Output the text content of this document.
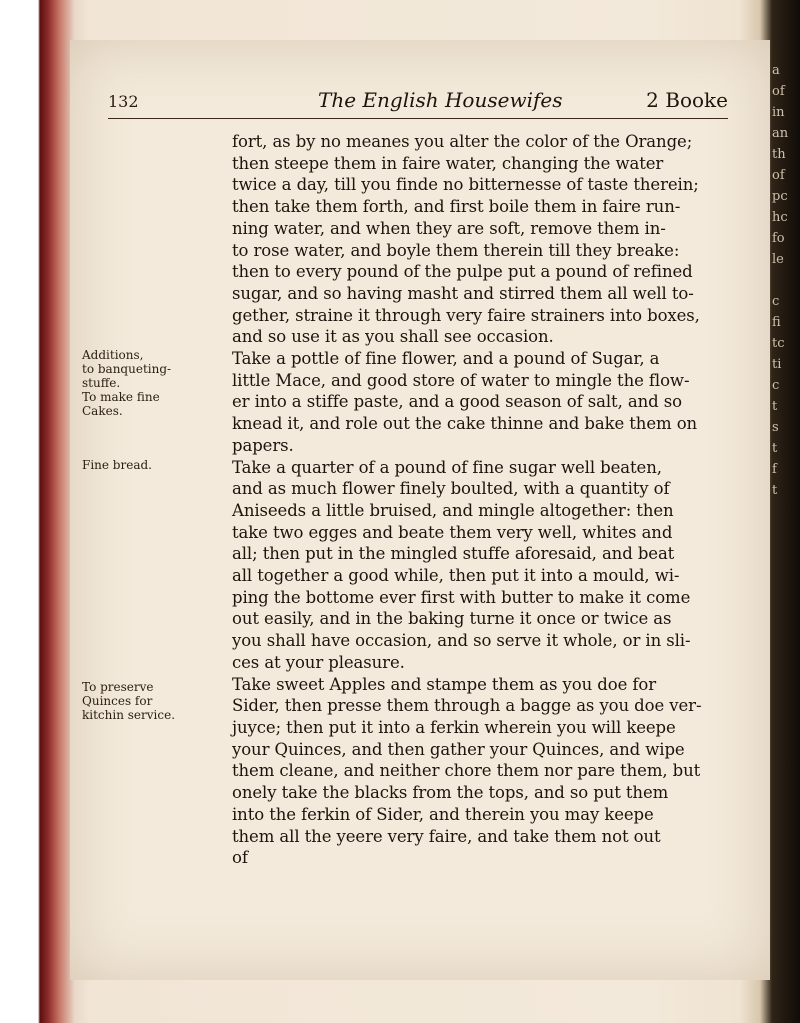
a
of
in
an
th
of
pc
hc
fo
le

c
fi
tc
ti
c
t
s
t
f
t
132	The English Housewifes	2 Booke
fort, as by no meanes you alter the color of the Orange;
then steepe them in faire water, changing the water
twice a day, till you finde no bitternesse of taste therein;
then take them forth, and first boile them in faire run-
ning water, and when they are soft, remove them in-
to rose water, and boyle them therein till they breake:
then to every pound of the pulpe put a pound of refined
sugar, and so having masht and stirred them all well to-
gether, straine it through very faire strainers into boxes,
and so use it as you shall see occasion.
Take a pottle of fine flower, and a pound of Sugar, a
little Mace, and good store of water to mingle the flow-
er into a stiffe paste, and a good season of salt, and so
knead it, and role out the cake thinne and bake them on
papers.
Take a quarter of a pound of fine sugar well beaten,
and as much flower finely boulted, with a quantity of
Aniseeds a little bruised, and mingle altogether: then
take two egges and beate them very well, whites and
all; then put in the mingled stuffe aforesaid, and beat
all together a good while, then put it into a mould, wi-
ping the bottome ever first with butter to make it come
out easily, and in the baking turne it once or twice as
you shall have occasion, and so serve it whole, or in sli-
ces at your pleasure.
Take sweet Apples and stampe them as you doe for
Sider, then presse them through a bagge as you doe ver-
juyce; then put it into a ferkin wherein you will keepe
your Quinces, and then gather your Quinces, and wipe
them cleane, and neither chore them nor pare them, but
onely take the blacks from the tops, and so put them
into the ferkin of Sider, and therein you may keepe
them all the yeere very faire, and take them not out
of
Additions,
to banqueting-
stuffe.
To make fine
Cakes.
Fine bread.
To preserve
Quinces for
kitchin service.
